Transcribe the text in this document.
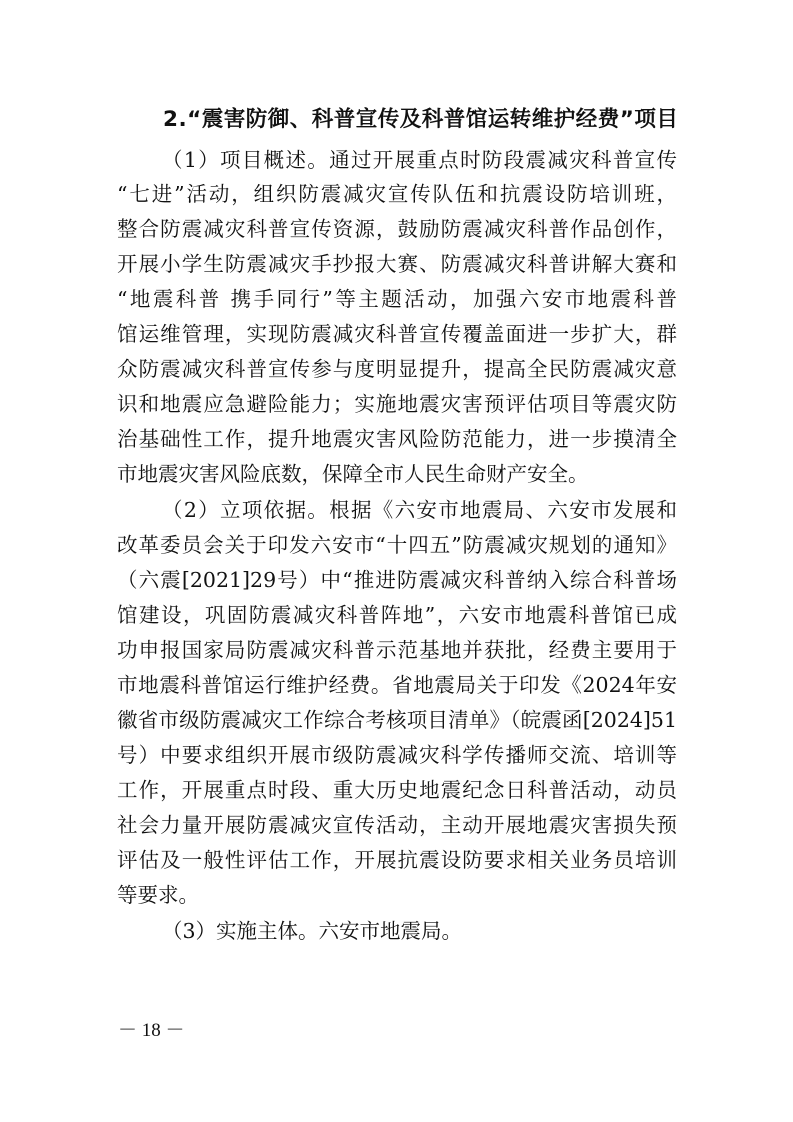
2.“震害防御、科普宣传及科普馆运转维护经费”项目
（1）项目概述。通过开展重点时防段震减灾科普宣传
“七进”活动，组织防震减灾宣传队伍和抗震设防培训班，
整合防震减灾科普宣传资源，鼓励防震减灾科普作品创作，
开展小学生防震减灾手抄报大赛、防震减灾科普讲解大赛和
“地震科普 携手同行”等主题活动，加强六安市地震科普
馆运维管理，实现防震减灾科普宣传覆盖面进一步扩大，群
众防震减灾科普宣传参与度明显提升，提高全民防震减灾意
识和地震应急避险能力；实施地震灾害预评估项目等震灾防
治基础性工作，提升地震灾害风险防范能力，进一步摸清全
市地震灾害风险底数，保障全市人民生命财产安全。
（2）立项依据。根据《六安市地震局、六安市发展和
改革委员会关于印发六安市“十四五”防震减灾规划的通知》
（六震[2021]29号）中“推进防震减灾科普纳入综合科普场
馆建设，巩固防震减灾科普阵地”，六安市地震科普馆已成
功申报国家局防震减灾科普示范基地并获批，经费主要用于
市地震科普馆运行维护经费。省地震局关于印发《2024年安
徽省市级防震减灾工作综合考核项目清单》（皖震函[2024]51
号）中要求组织开展市级防震减灾科学传播师交流、培训等
工作，开展重点时段、重大历史地震纪念日科普活动，动员
社会力量开展防震减灾宣传活动，主动开展地震灾害损失预
评估及一般性评估工作，开展抗震设防要求相关业务员培训
等要求。
（3）实施主体。六安市地震局。
－ 18 －
